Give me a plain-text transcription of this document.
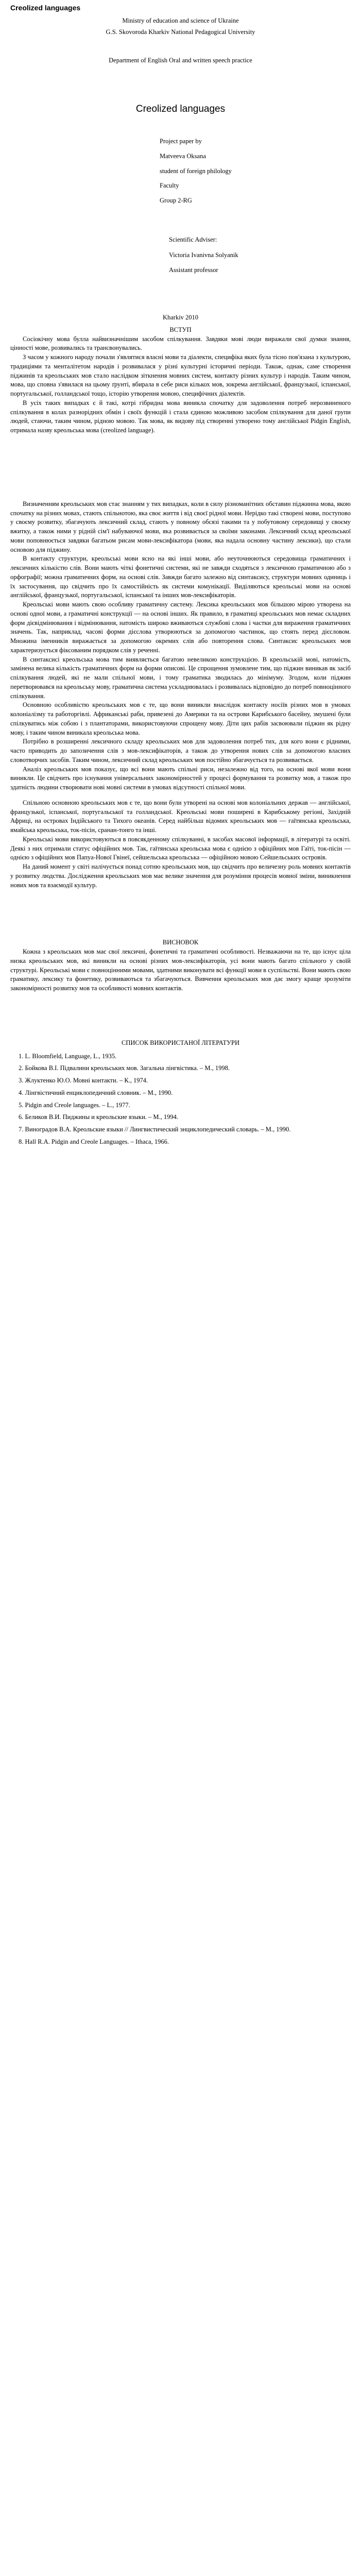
Creolized languages

Ministry of education and science of Ukraine

G.S. Skovoroda Kharkiv National Pedagogical University

Department of English Oral and written speech practice

Creolized languages

Project paper by

Matveeva Oksana

student of foreign philology

Faculty

Group 2-RG

Scientific Adviser:

Victoria Ivanivna Solyanik

Assistant professor

Kharkiv 2010

ВСТУП

Сосіокічну мова булла найвизначнішим засобом спілкування. Завдяки мові люди виражали свої думки знання, цінності мове, розвивались та трансвонувались.

З часом у кожного народу почали з'являтися власні мови та діалекти, специфіка яких була тісно пов'язана з культурою, традиціями та менталітетом народів і розвивалася у різні культурні історичні періоди. Також, однак, саме створення піджинів та креольських мов стало наслідком зіткнення мовних систем, контакту різних культур і народів. Таким чином, мова, що сповна з'явилася на цьому ґрунті, вбирала в себе риси кількох мов, зокрема англійської, французької, іспанської, португальської, голландської тощо, історію утворення мовою, специфічних діалектів.

В усіх таких випадках є й такі, котрі гібридна мова виникла спочатку для задоволення потреб нерозвиненого спілкування в колах разнорідних обмін і своїх функцій і стала єдиною можливою засобом спілкування для даної групи людей, стаючи, таким чином, рідною мовою. Так мова, як видову під створенні утворено тому англійської Pidgin English, отримала назву креольська мова (creolized language).

Визначенням креольських мов стає знанням у тих випадках, коли в силу різноманітних обставин піджинна мова, якою спочатку на різних мовах, стають спільнотою, яка своє життя і від своєї рідної мови. Нерідко такі створені мови, поступово у своєму розвитку, збагачують лексичний склад, стають у повному обсязі такими та у побутовому середовищі у своєму вжитку, а також ними у рідній сім'ї набуваючої мови, яка розвивається за своїми законами. Лексичний склад креольської мови поповнюється завдяки багатьом рисам мови-лексифікатора (мови, яка надала основну частину лексики), що стали основою для піджину.

В контакту структури, креольські мови ясно на які інші мови, або неуточнюються середовища граматичних і лексичних кількістю слів. Вони мають чіткі фонетичні системи, які не завжди сходяться з лексичною граматичною або з орфографії; можна граматичних форм, на основі слів. Завжди багато залежно від синтаксису, структури мовних одиниць і їх застосування, що свідчить про їх самостійність як системи комунікації. Виділяються креольські мови на основі англійської, французької, португальської, іспанської та інших мов-лексифікаторів.

Креольські мови мають свою особливу граматичну систему. Лексика креольських мов більшою мірою утворена на основі одної мови, а граматичні конструкції — на основі інших. Як правило, в граматиці креольських мов немає складних форм дієвідмінювання і відмінювання, натомість широко вживаються службові слова і частки для вираження граматичних значень. Так, наприклад, часові форми дієслова утворюються за допомогою частинок, що стоять перед дієсловом. Множина іменників виражається за допомогою окремих слів або повторення слова. Синтаксис креольських мов характеризується фіксованим порядком слів у реченні.

В синтаксисі креольська мова тим виявляється багатою невеликою конструкцією. В креольській мові, натомість, замінена велика кількість граматичних форм на форми описові. Це спрощення зумовлене тим, що піджин виникав як засіб спілкування людей, які не мали спільної мови, і тому граматика зводилась до мінімуму. Згодом, коли піджин перетворювався на креольську мову, граматична система ускладнювалась і розвивалась відповідно до потреб повноцінного спілкування.

Основною особливістю креольських мов є те, що вони виникли внаслідок контакту носіїв різних мов в умовах колоніалізму та работоргівлі. Африканські раби, привезені до Америки та на острови Карибського басейну, змушені були спілкуватись між собою і з плантаторами, використовуючи спрощену мову. Діти цих рабів засвоювали піджин як рідну мову, і таким чином виникала креольська мова.

Потрібно в розширенні лексичного складу креольських мов для задоволення потреб тих, для кого вони є рідними, часто приводить до запозичення слів з мов-лексифікаторів, а також до утворення нових слів за допомогою власних словотворчих засобів. Таким чином, лексичний склад креольських мов постійно збагачується та розвивається.

Аналіз креольських мов показує, що всі вони мають спільні риси, незалежно від того, на основі якої мови вони виникли. Це свідчить про існування універсальних закономірностей у процесі формування та розвитку мов, а також про здатність людини створювати нові мовні системи в умовах відсутності спільної мови.

Спільною основною креольських мов є те, що вони були утворені на основі мов колоніальних держав — англійської, французької, іспанської, португальської та голландської. Креольські мови поширені в Карибському регіоні, Західній Африці, на островах Індійського та Тихого океанів. Серед найбільш відомих креольських мов — гаїтянська креольська, ямайська креольська, ток-пісін, сранан-тонго та інші.

Креольські мови використовуються в повсякденному спілкуванні, в засобах масової інформації, в літературі та освіті. Деякі з них отримали статус офіційних мов. Так, гаїтянська креольська мова є однією з офіційних мов Гаїті, ток-пісін — однією з офіційних мов Папуа-Нової Гвінеї, сейшельська креольська — офіційною мовою Сейшельських островів.

На даний момент у світі налічується понад сотню креольських мов, що свідчить про величезну роль мовних контактів у розвитку людства. Дослідження креольських мов має велике значення для розуміння процесів мовної зміни, виникнення нових мов та взаємодії культур.

ВИСНОВОК

Кожна з креольських мов має свої лексичні, фонетичні та граматичні особливості. Незважаючи на те, що існує ціла низка креольських мов, які виникли на основі різних мов-лексифікаторів, усі вони мають багато спільного у своїй структурі. Креольські мови є повноцінними мовами, здатними виконувати всі функції мови в суспільстві. Вони мають свою граматику, лексику та фонетику, розвиваються та збагачуються. Вивчення креольських мов дає змогу краще зрозуміти закономірності розвитку мов та особливості мовних контактів.

СПИСОК ВИКОРИСТАНОЇ ЛІТЕРАТУРИ

1. L. Bloomfield, Language, L., 1935.
2. Бойкова В.І. Підвалини креольських мов. Загальна лінгвістика. – М., 1998.
3. Жлуктенко Ю.О. Мовні контакти. – К., 1974.
4. Лінгвістичний енциклопедичний словник. – М., 1990.
5. Pidgin and Creole languages. – L., 1977.
6. Беликов В.И. Пиджины и креольские языки. – М., 1994.
7. Виноградов В.А. Креольские языки // Лингвистический энциклопедический словарь. – М., 1990.
8. Hall R.A. Pidgin and Creole Languages. – Ithaca, 1966.
